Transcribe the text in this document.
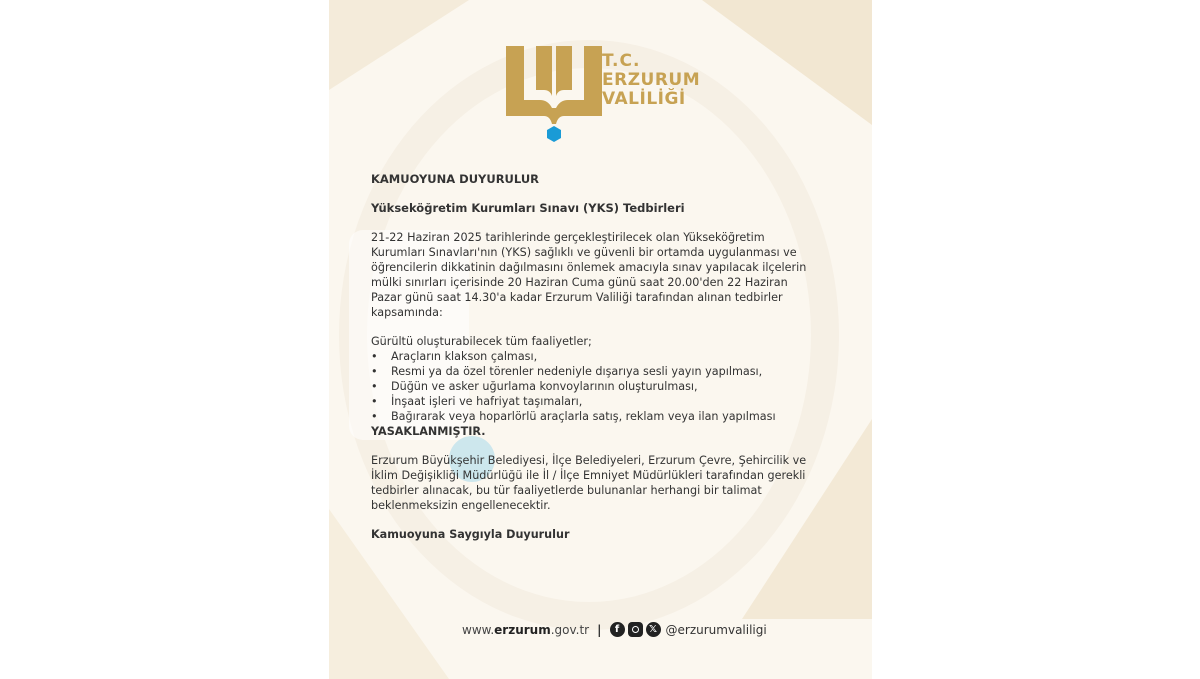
T.C.
ERZURUM
VALİLİĞİ

KAMUOYUNA DUYURULUR

Yükseköğretim Kurumları Sınavı (YKS) Tedbirleri

21-22 Haziran 2025 tarihlerinde gerçekleştirilecek olan Yükseköğretim
Kurumları Sınavları'nın (YKS) sağlıklı ve güvenli bir ortamda uygulanması ve
öğrencilerin dikkatinin dağılmasını önlemek amacıyla sınav yapılacak ilçelerin
mülki sınırları içerisinde 20 Haziran Cuma günü saat 20.00'den 22 Haziran
Pazar günü saat 14.30'a kadar Erzurum Valiliği tarafından alınan tedbirler
kapsamında:

Gürültü oluşturabilecek tüm faaliyetler;

• Araçların klakson çalması,
• Resmi ya da özel törenler nedeniyle dışarıya sesli yayın yapılması,
• Düğün ve asker uğurlama konvoylarının oluşturulması,
• İnşaat işleri ve hafriyat taşımaları,
• Bağırarak veya hoparlörlü araçlarla satış, reklam veya ilan yapılması

YASAKLANMIŞTIR.

Erzurum Büyükşehir Belediyesi, İlçe Belediyeleri, Erzurum Çevre, Şehircilik ve
İklim Değişikliği Müdürlüğü ile İl / İlçe Emniyet Müdürlükleri tarafından gerekli
tedbirler alınacak, bu tür faaliyetlerde bulunanlar herhangi bir talimat
beklenmeksizin engellenecektir.

Kamuoyuna Saygıyla Duyurulur

www.erzurum.gov.tr |	f	𝕏 @erzurumvaliligi
